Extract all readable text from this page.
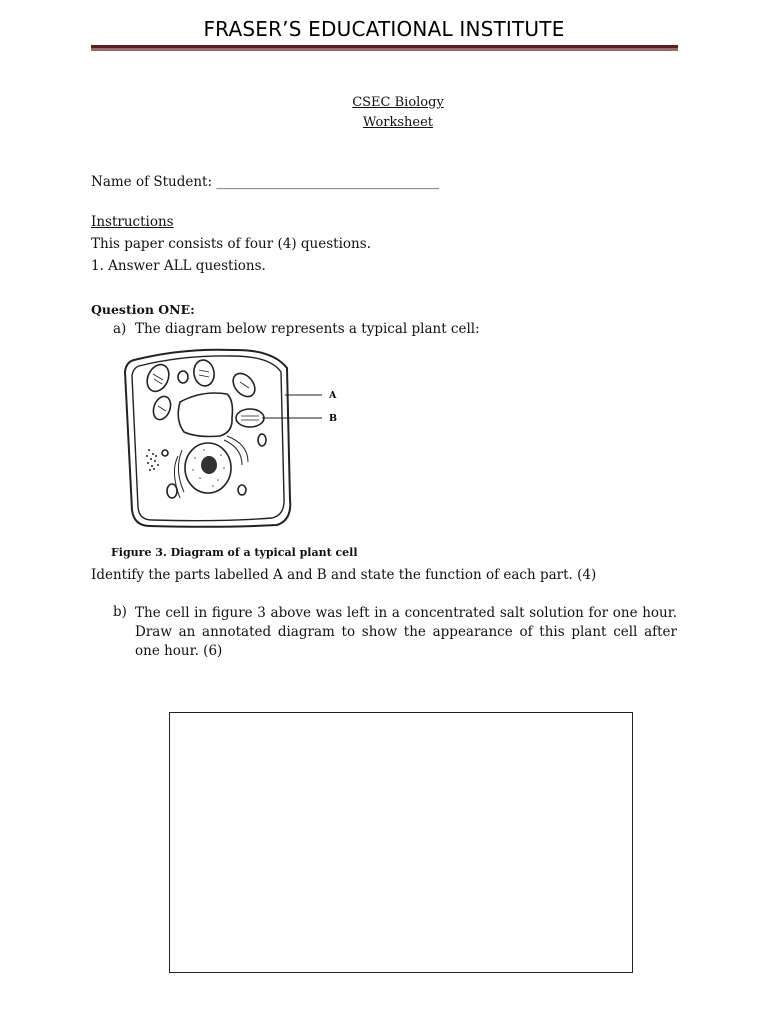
FRASER’S EDUCATIONAL INSTITUTE
CSEC Biology
Worksheet
Name of Student: _________________________________
Instructions
This paper consists of four (4) questions.
1. Answer ALL questions.
Question ONE:
a) The diagram below represents a typical plant cell:
A
B
Figure 3. Diagram of a typical plant cell
Identify the parts labelled A and B and state the function of each part. (4)
b) The cell in figure 3 above was left in a concentrated salt solution for one hour. Draw an annotated diagram to show the appearance of this plant cell after one hour. (6)
